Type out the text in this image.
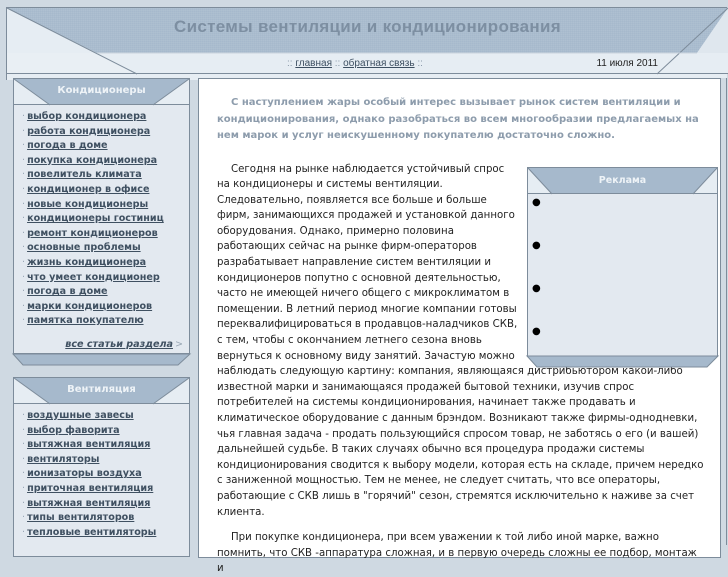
Системы вентиляции и кондиционирования
:: главная :: обратная связь ::	11 июля 2011
Кондиционеры
· выбор кондиционера
· работа кондиционера
· погода в доме
· покупка кондиционера
· повелитель климата
· кондиционер в офисе
· новые кондиционеры
· кондиционеры гостиниц
· ремонт кондиционеров
· основные проблемы
· жизнь кондиционера
· что умеет кондиционер
· погода в доме
· марки кондиционеров
· памятка покупателю
все статьи раздела >
Вентиляция
· воздушные завесы
· выбор фаворита
· вытяжная вентиляция
· вентиляторы
· ионизаторы воздуха
· приточная вентиляция
· вытяжная вентиляция
· типы вентиляторов
· тепловые вентиляторы

С наступлением жары особый интерес вызывает рынок систем вентиляции и кондиционирования, однако разобраться во всем многообразии предлагаемых на нем марок и услуг неискушенному покупателю достаточно сложно.

Реклама
●
●
●
●

Сегодня на рынке наблюдается устойчивый спрос на кондиционеры и системы вентиляции. Следовательно, появляется все больше и больше фирм, занимающихся продажей и установкой данного оборудования. Однако, примерно половина работающих сейчас на рынке фирм-операторов разрабатывает направление систем вентиляции и кондиционеров попутно с основной деятельностью, часто не имеющей ничего общего с микроклиматом в помещении. В летний период многие компании готовы переквалифицироваться в продавцов-наладчиков СКВ, с тем, чтобы с окончанием летнего сезона вновь вернуться к основному виду занятий. Зачастую можно наблюдать следующую картину: компания, являющаяся дистрибьютором какой-либо известной марки и занимающаяся продажей бытовой техники, изучив спрос потребителей на системы кондиционирования, начинает также продавать и климатическое оборудование с данным брэндом. Возникают также фирмы-однодневки, чья главная задача - продать пользующийся спросом товар, не заботясь о его (и вашей) дальнейшей судьбе. В таких случаях обычно вся процедура продажи системы кондиционирования сводится к выбору модели, которая есть на складе, причем нередко с заниженной мощностью. Тем не менее, не следует считать, что все операторы, работающие с СКВ лишь в "горячий" сезон, стремятся исключительно к наживе за счет клиента.

При покупке кондиционера, при всем уважении к той либо иной марке, важно помнить, что СКВ -аппаратура сложная, и в первую очередь сложны ее подбор, монтаж и
